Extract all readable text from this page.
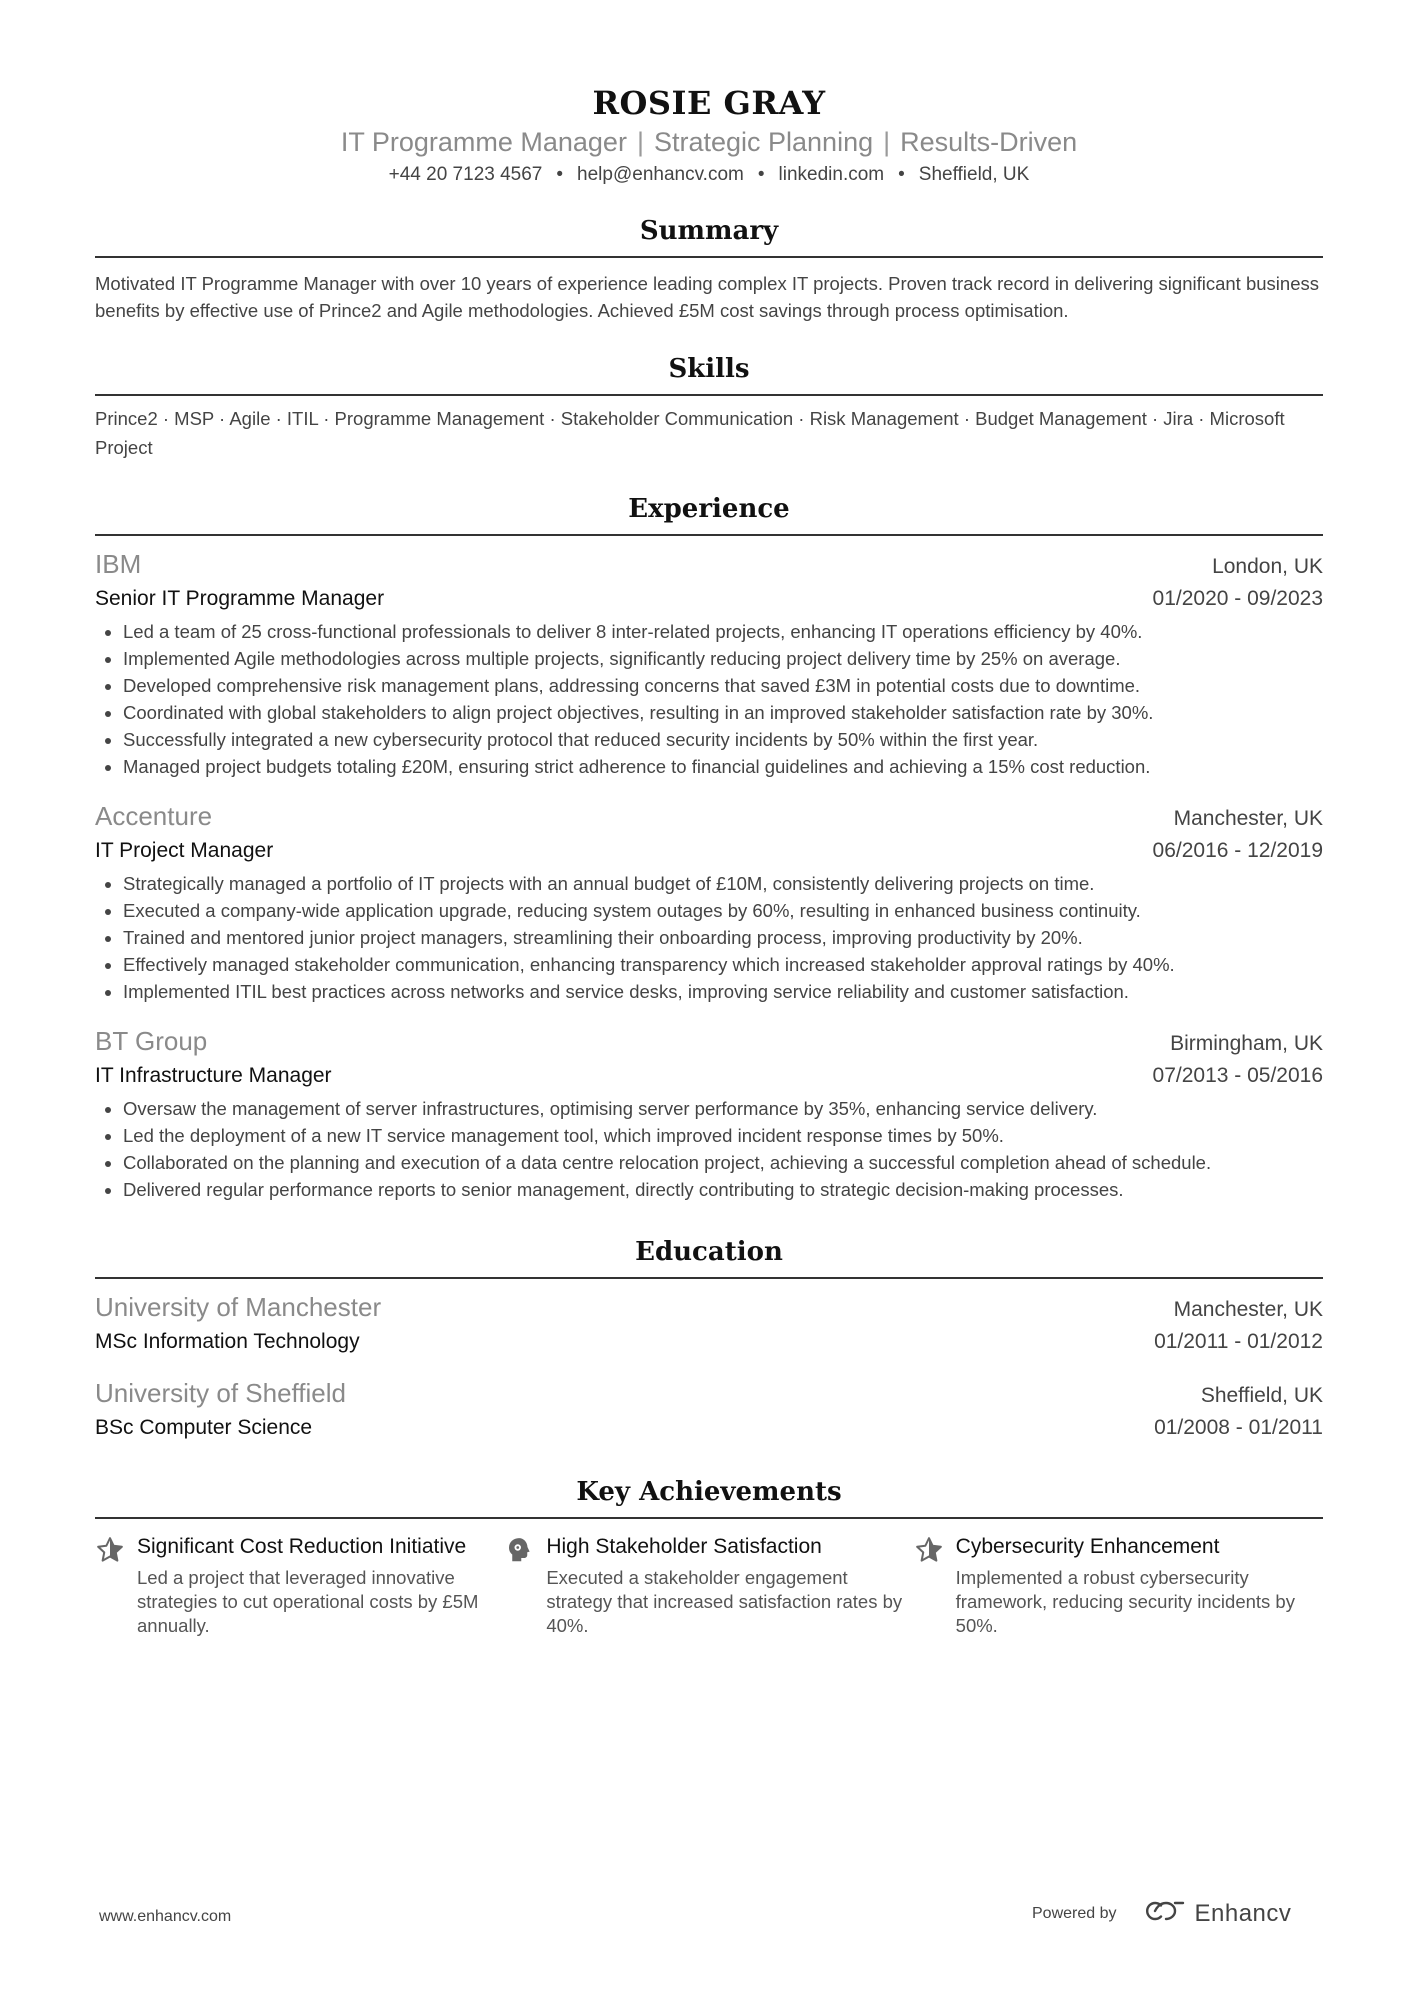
ROSIE GRAY
IT Programme Manager | Strategic Planning | Results-Driven
+44 20 7123 4567 • help@enhancv.com • linkedin.com • Sheffield, UK
Summary
Motivated IT Programme Manager with over 10 years of experience leading complex IT projects. Proven track record in delivering significant business benefits by effective use of Prince2 and Agile methodologies. Achieved £5M cost savings through process optimisation.
Skills
Prince2 · MSP · Agile · ITIL · Programme Management · Stakeholder Communication · Risk Management · Budget Management · Jira · Microsoft Project
Experience
IBM	London, UK
Senior IT Programme Manager	01/2020 - 09/2023
• Led a team of 25 cross-functional professionals to deliver 8 inter-related projects, enhancing IT operations efficiency by 40%.
• Implemented Agile methodologies across multiple projects, significantly reducing project delivery time by 25% on average.
• Developed comprehensive risk management plans, addressing concerns that saved £3M in potential costs due to downtime.
• Coordinated with global stakeholders to align project objectives, resulting in an improved stakeholder satisfaction rate by 30%.
• Successfully integrated a new cybersecurity protocol that reduced security incidents by 50% within the first year.
• Managed project budgets totaling £20M, ensuring strict adherence to financial guidelines and achieving a 15% cost reduction.
Accenture	Manchester, UK
IT Project Manager	06/2016 - 12/2019
• Strategically managed a portfolio of IT projects with an annual budget of £10M, consistently delivering projects on time.
• Executed a company-wide application upgrade, reducing system outages by 60%, resulting in enhanced business continuity.
• Trained and mentored junior project managers, streamlining their onboarding process, improving productivity by 20%.
• Effectively managed stakeholder communication, enhancing transparency which increased stakeholder approval ratings by 40%.
• Implemented ITIL best practices across networks and service desks, improving service reliability and customer satisfaction.
BT Group	Birmingham, UK
IT Infrastructure Manager	07/2013 - 05/2016
• Oversaw the management of server infrastructures, optimising server performance by 35%, enhancing service delivery.
• Led the deployment of a new IT service management tool, which improved incident response times by 50%.
• Collaborated on the planning and execution of a data centre relocation project, achieving a successful completion ahead of schedule.
• Delivered regular performance reports to senior management, directly contributing to strategic decision-making processes.
Education
University of Manchester	Manchester, UK
MSc Information Technology	01/2011 - 01/2012
University of Sheffield	Sheffield, UK
BSc Computer Science	01/2008 - 01/2011
Key Achievements
Significant Cost Reduction Initiative
Led a project that leveraged innovative strategies to cut operational costs by £5M annually.
High Stakeholder Satisfaction
Executed a stakeholder engagement strategy that increased satisfaction rates by 40%.
Cybersecurity Enhancement
Implemented a robust cybersecurity framework, reducing security incidents by 50%.
www.enhancv.com	Powered by	Enhancv
